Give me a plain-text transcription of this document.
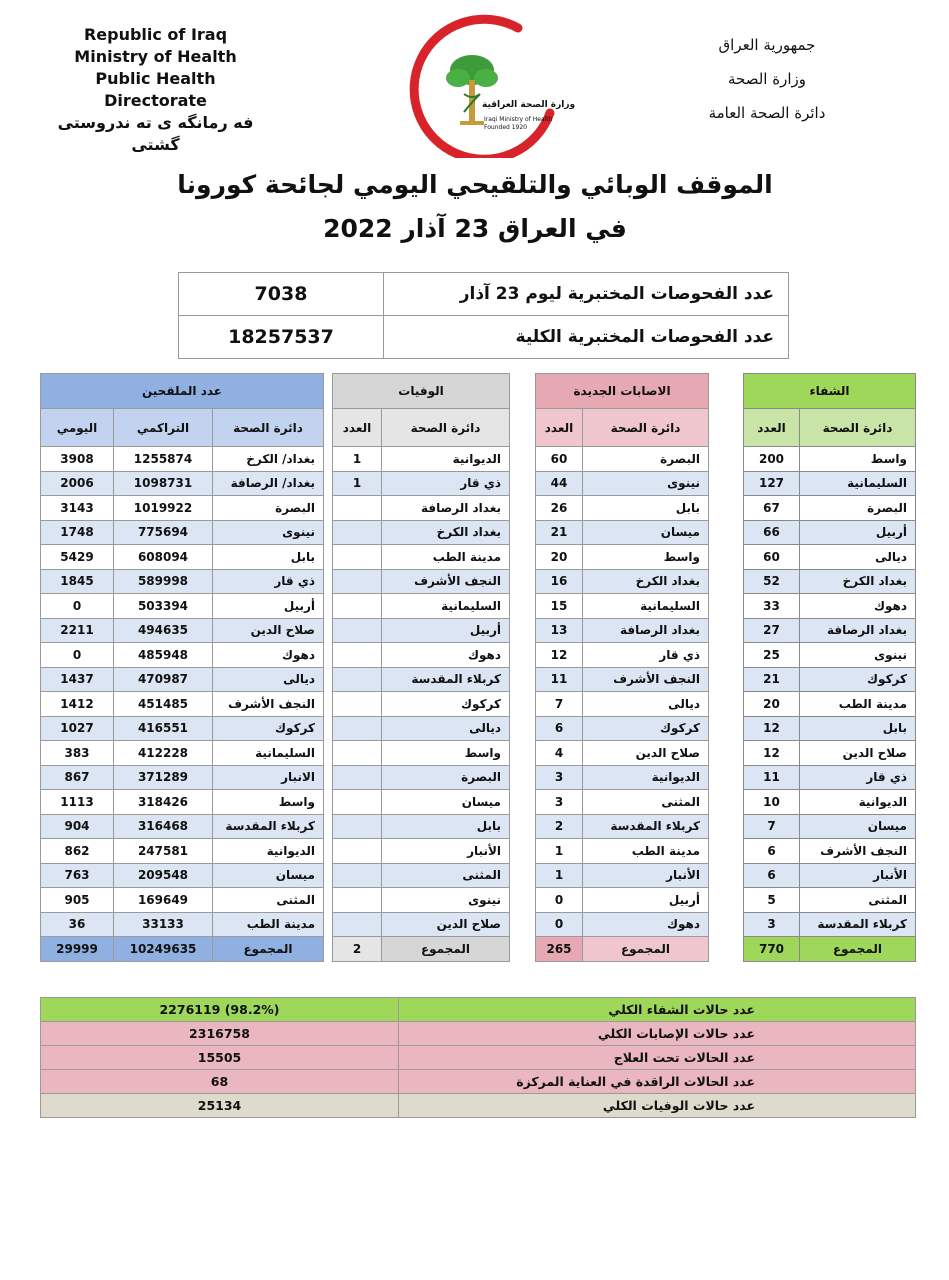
Republic of Iraq
Ministry of Health
Public Health Directorate
فه رمانگه ى ته ندروستى گشتى
وزارة الصحة العراقية
Iraqi Ministry of Health
Founded 1920
جمهورية العراق
وزارة الصحة
دائرة الصحة العامة
الموقف الوبائي والتلقيحي اليومي لجائحة كورونا
في العراق 23 آذار 2022
7038	عدد الفحوصات المختبرية ليوم 23 آذار
18257537	عدد الفحوصات المختبرية الكلية
الشفاء	
العدد	دائرة الصحة
200	واسط
127	السليمانية
67	البصرة
66	أربيل
60	ديالى
52	بغداد الكرخ
33	دهوك
27	بغداد الرصافة
25	نينوى
21	كركوك
20	مدينة الطب
12	بابل
12	صلاح الدين
11	ذي قار
10	الديوانية
7	ميسان
6	النجف الأشرف
6	الأنبار
5	المثنى
3	كربلاء المقدسة
770	المجموع
الاصابات الجديدة	
العدد	دائرة الصحة
60	البصرة
44	نينوى
26	بابل
21	ميسان
20	واسط
16	بغداد الكرخ
15	السليمانية
13	بغداد الرصافة
12	ذي قار
11	النجف الأشرف
7	ديالى
6	كركوك
4	صلاح الدين
3	الديوانية
3	المثنى
2	كربلاء المقدسة
1	مدينة الطب
1	الأنبار
0	أربيل
0	دهوك
265	المجموع
الوفيات	
العدد	دائرة الصحة
1	الديوانية
1	ذي قار
	بغداد الرصافة
	بغداد الكرخ
	مدينة الطب
	النجف الأشرف
	السليمانية
	أربيل
	دهوك
	كربلاء المقدسة
	كركوك
	ديالى
	واسط
	البصرة
	ميسان
	بابل
	الأنبار
	المثنى
	نينوى
	صلاح الدين
2	المجموع
عدد الملقحين		
اليومي	التراكمي	دائرة الصحة
3908	1255874	بغداد/ الكرخ
2006	1098731	بغداد/ الرصافة
3143	1019922	البصرة
1748	775694	نينوى
5429	608094	بابل
1845	589998	ذي قار
0	503394	أربيل
2211	494635	صلاح الدين
0	485948	دهوك
1437	470987	ديالى
1412	451485	النجف الأشرف
1027	416551	كركوك
383	412228	السليمانية
867	371289	الانبار
1113	318426	واسط
904	316468	كربلاء المقدسة
862	247581	الديوانية
763	209548	ميسان
905	169649	المثنى
36	33133	مدينة الطب
29999	10249635	المجموع
2276119 (98.2%)	عدد حالات الشفاء الكلي
2316758	عدد حالات الإصابات الكلي
15505	عدد الحالات تحت العلاج
68	عدد الحالات الراقدة في العناية المركزة
25134	عدد حالات الوفيات الكلي
